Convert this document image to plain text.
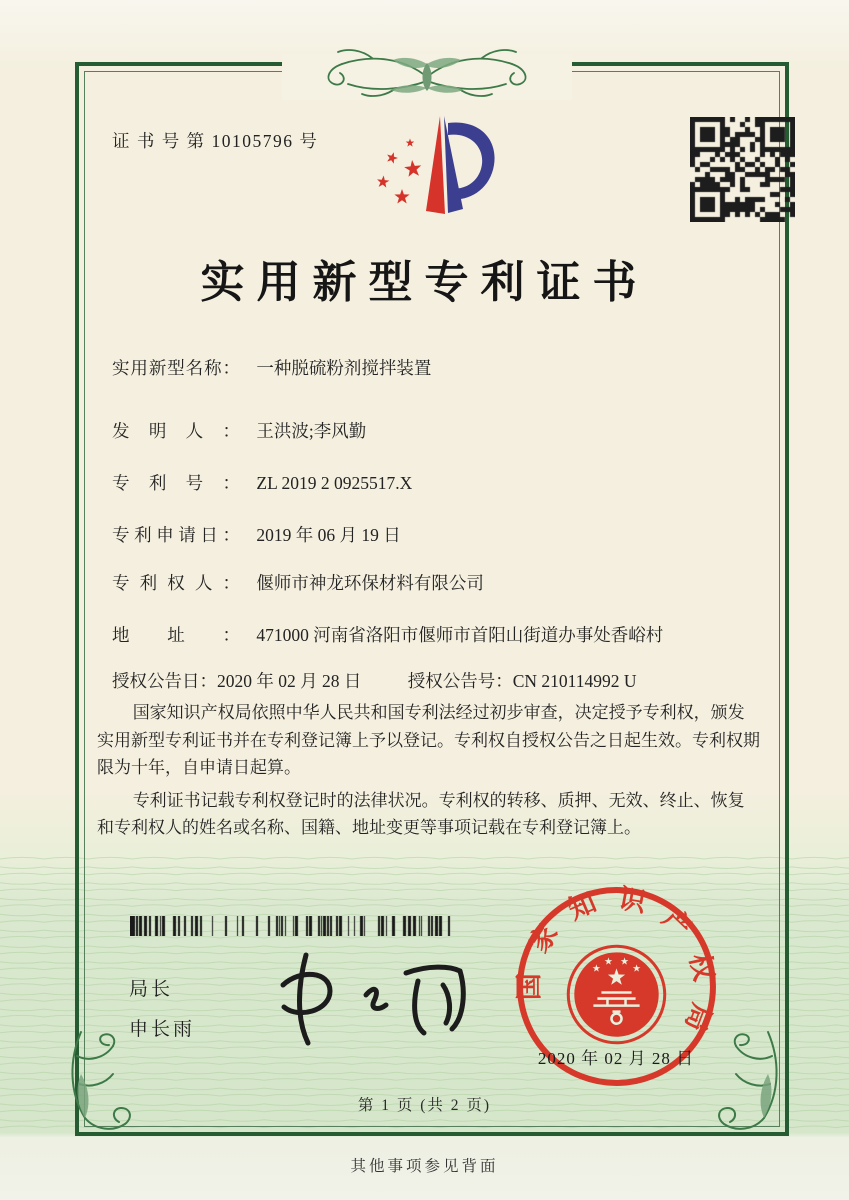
证 书 号 第 10105796 号
实用新型专利证书
实用新型名称： 一种脱硫粉剂搅拌装置
发明人： 王洪波;李风勤
专利号： ZL 2019 2 0925517.X
专利申请日： 2019 年 06 月 19 日
专利权人： 偃师市神龙环保材料有限公司
地址： 471000 河南省洛阳市偃师市首阳山街道办事处香峪村
授权公告日：2020 年 02 月 28 日	授权公告号：CN 210114992 U

国家知识产权局依照中华人民共和国专利法经过初步审查，决定授予专利权，颁发实用新型专利证书并在专利登记簿上予以登记。专利权自授权公告之日起生效。专利权期限为十年，自申请日起算。

专利证书记载专利权登记时的法律状况。专利权的转移、质押、无效、终止、恢复和专利权人的姓名或名称、国籍、地址变更等事项记载在专利登记簿上。

局长
申长雨
国家知识产权局
2020 年 02 月 28 日
第 1 页 (共 2 页)
其他事项参见背面
